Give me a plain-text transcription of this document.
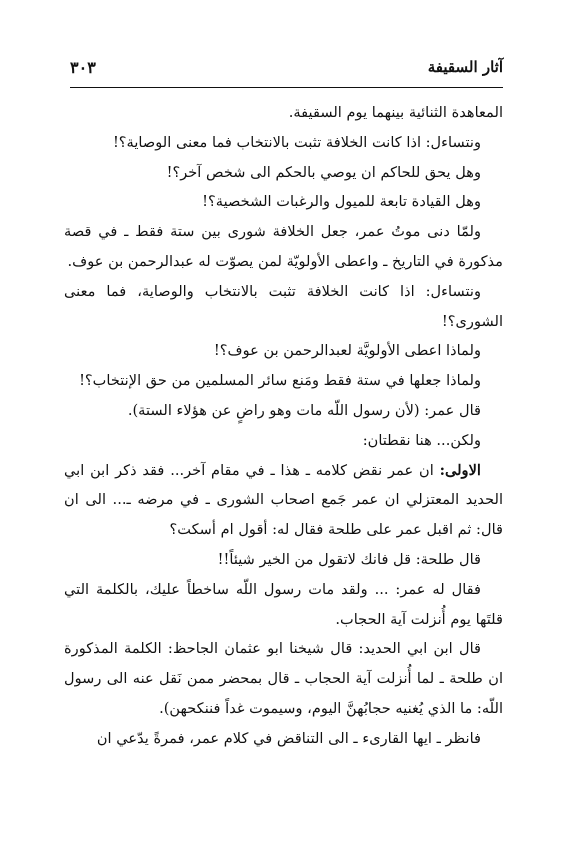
آثار السقيفة
٣٠٣

المعاهدة الثنائية بينهما يوم السقيفة.

ونتساءل: اذا كانت الخلافة تثبت بالانتخاب فما معنى الوصاية؟!

وهل يحق للحاكم ان يوصي بالحكم الى شخص آخر؟!

وهل القيادة تابعة للميول والرغبات الشخصية؟!

ولمّا دنى موتُ عمر، جعل الخلافة شورى بين ستة فقط ـ في قصة مذكورة في التاريخ ـ واعطى الأولويّة لمن يصوّت له عبدالرحمن بن عوف.

ونتساءل: اذا كانت الخلافة تثبت بالانتخاب والوصاية، فما معنى الشورى؟!

ولماذا اعطى الأولويَّة لعبدالرحمن بن عوف؟!

ولماذا جعلها في ستة فقط ومَنع سائر المسلمين من حق الإنتخاب؟!

قال عمر: (لأن رسول اللّه مات وهو راضٍ عن هؤلاء الستة).

ولكن... هنا نقطتان:

الاولى: ان عمر نقض كلامه ـ هذا ـ في مقام آخر... فقد ذكر ابن ابي الحديد المعتزلي ان عمر جَمع اصحاب الشورى ـ في مرضه ـ... الى ان قال: ثم اقبل عمر على طلحة فقال له: أقول ام أسكت؟

قال طلحة: قل فانك لاتقول من الخير شيئاً!!

فقال له عمر: ... ولقد مات رسول اللّه ساخطاً عليك، بالكلمة التي قلتَها يوم أُنزلت آية الحجاب.

قال ابن ابي الحديد: قال شيخنا ابو عثمان الجاحظ: الكلمة المذكورة ان طلحة ـ لما أُنزلت آية الحجاب ـ قال بمحضر ممن نَقل عنه الى رسول اللّه: ما الذي يُغنيه حجابُهنَّ اليوم، وسيموت غداً فننكحهن).

فانظر ـ ايها القارىء ـ الى التناقض في كلام عمر، فمرةً يدّعي ان
